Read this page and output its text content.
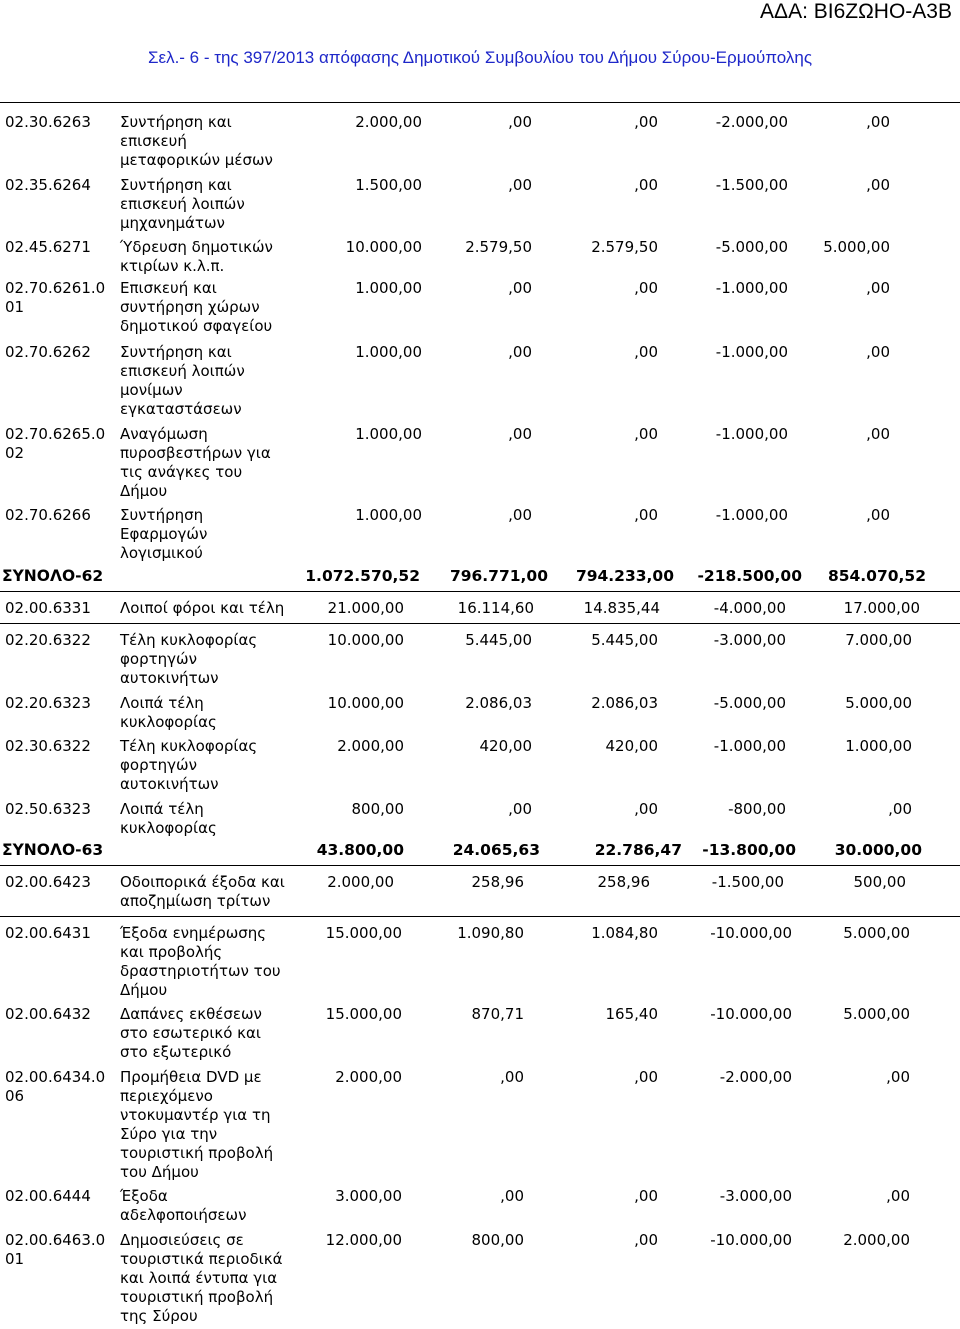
ΑΔΑ: ΒΙ6ΖΩΗΟ-Α3Β
Σελ.- 6 - της 397/2013 απόφασης Δημοτικού Συμβουλίου του Δήμου Σύρου-Ερμούπολης
02.30.6263	Συντήρηση και επισκευή μεταφορικών μέσων
2.000,00	,00	,00	-2.000,00	,00
02.35.6264	Συντήρηση και επισκευή λοιπών μηχανημάτων
1.500,00	,00	,00	-1.500,00	,00
02.45.6271	Ύδρευση δημοτικών κτιρίων κ.λ.π.
10.000,00	2.579,50	2.579,50	-5.000,00 5.000,00
02.70.6261.0 01
Επισκευή και συντήρηση χώρων δημοτικού σφαγείου
1.000,00	,00	,00	-1.000,00	,00
02.70.6262	Συντήρηση και επισκευή λοιπών μονίμων εγκαταστάσεων
1.000,00	,00	,00	-1.000,00	,00
02.70.6265.0 02
Αναγόμωση πυροσβεστήρων για τις ανάγκες του Δήμου
1.000,00	,00	,00	-1.000,00	,00
02.70.6266	Συντήρηση Εφαρμογών λογισμικού
1.000,00	,00	,00	-1.000,00	,00
ΣΥΝΟΛΟ-62	1.072.570,52 796.771,00 794.233,00 -218.500,00 854.070,52
02.00.6331	Λοιποί φόροι και τέλη	21.000,00	16.114,60	14.835,44	-4.000,00	17.000,00
02.20.6322	Τέλη κυκλοφορίας φορτηγών αυτοκινήτων
10.000,00	5.445,00	5.445,00	-3.000,00	7.000,00
02.20.6323	Λοιπά τέλη κυκλοφορίας
10.000,00	2.086,03	2.086,03	-5.000,00	5.000,00
02.30.6322	Τέλη κυκλοφορίας φορτηγών αυτοκινήτων
2.000,00	420,00	420,00	-1.000,00	1.000,00
02.50.6323	Λοιπά τέλη κυκλοφορίας
800,00	,00	,00	-800,00	,00
ΣΥΝΟΛΟ-63	43.800,00	24.065,63	22.786,47 -13.800,00 30.000,00
02.00.6423	Οδοιπορικά έξοδα και αποζημίωση τρίτων
2.000,00	258,96	258,96	-1.500,00	500,00
02.00.6431	Έξοδα ενημέρωσης και προβολής δραστηριοτήτων του Δήμου
15.000,00	1.090,80	1.084,80	-10.000,00	5.000,00
02.00.6432	Δαπάνες εκθέσεων στο εσωτερικό και στο εξωτερικό
15.000,00	870,71	165,40	-10.000,00	5.000,00
02.00.6434.0 06
Προμήθεια DVD με περιεχόμενο ντοκυμαντέρ για τη Σύρο για την τουριστική προβολή του Δήμου
2.000,00	,00	,00	-2.000,00	,00
02.00.6444	Έξοδα αδελφοποιήσεων
3.000,00	,00	,00	-3.000,00	,00
02.00.6463.0 01
Δημοσιεύσεις σε τουριστικά περιοδικά και λοιπά έντυπα για τουριστική προβολή της Σύρου
12.000,00	800,00	,00	-10.000,00	2.000,00
